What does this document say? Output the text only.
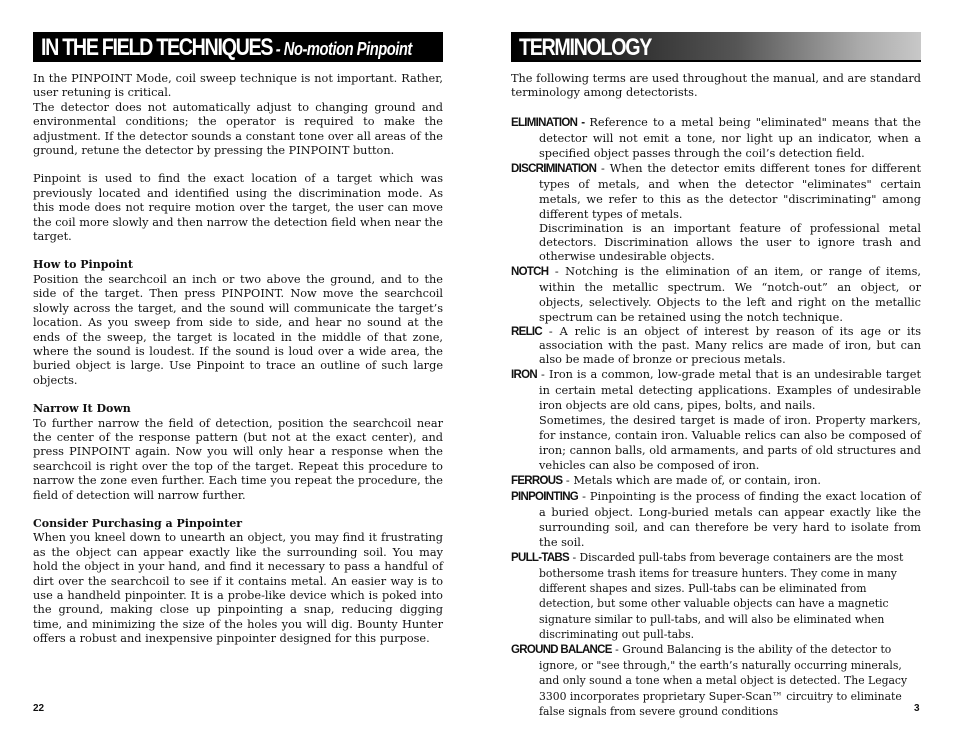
IN THE FIELD TECHNIQUES - No-motion Pinpoint

In the PINPOINT Mode, coil sweep technique is not important. Rather, user retuning is critical.

The detector does not automatically adjust to changing ground and environmental conditions; the operator is required to make the adjustment. If the detector sounds a constant tone over all areas of the ground, retune the detector by pressing the PINPOINT button.

Pinpoint is used to find the exact location of a target which was previously located and identified using the discrimination mode. As this mode does not require motion over the target, the user can move the coil more slowly and then narrow the detection field when near the target.

How to Pinpoint

Position the searchcoil an inch or two above the ground, and to the side of the target. Then press PINPOINT. Now move the searchcoil slowly across the target, and the sound will communicate the target’s location. As you sweep from side to side, and hear no sound at the ends of the sweep, the target is located in the middle of that zone, where the sound is loudest. If the sound is loud over a wide area, the buried object is large. Use Pinpoint to trace an outline of such large objects.

Narrow It Down

To further narrow the field of detection, position the searchcoil near the center of the response pattern (but not at the exact center), and press PINPOINT again. Now you will only hear a response when the searchcoil is right over the top of the target. Repeat this procedure to narrow the zone even further. Each time you repeat the procedure, the field of detection will narrow further.

Consider Purchasing a Pinpointer

When you kneel down to unearth an object, you may find it frustrating as the object can appear exactly like the surrounding soil. You may hold the object in your hand, and find it necessary to pass a handful of dirt over the searchcoil to see if it contains metal. An easier way is to use a handheld pinpointer. It is a probe-like device which is poked into the ground, making close up pinpointing a snap, reducing digging time, and minimizing the size of the holes you will dig. Bounty Hunter offers a robust and inexpensive pinpointer designed for this purpose.

22
TERMINOLOGY

The following terms are used throughout the manual, and are standard terminology among detectorists.

ELIMINATION - Reference to a metal being "eliminated" means that the detector will not emit a tone, nor light up an indicator, when a specified object passes through the coil’s detection field.

DISCRIMINATION - When the detector emits different tones for different types of metals, and when the detector "eliminates" certain metals, we refer to this as the detector "discriminating" among different types of metals.

Discrimination is an important feature of professional metal detectors. Discrimination allows the user to ignore trash and otherwise undesirable objects.

NOTCH - Notching is the elimination of an item, or range of items, within the metallic spectrum. We “notch-out” an object, or objects, selectively. Objects to the left and right on the metallic spectrum can be retained using the notch technique.

RELIC - A relic is an object of interest by reason of its age or its association with the past. Many relics are made of iron, but can also be made of bronze or precious metals.

IRON - Iron is a common, low-grade metal that is an undesirable target in certain metal detecting applications. Examples of undesirable iron objects are old cans, pipes, bolts, and nails.

Sometimes, the desired target is made of iron. Property markers, for instance, contain iron. Valuable relics can also be composed of iron; cannon balls, old armaments, and parts of old structures and vehicles can also be composed of iron.

FERROUS - Metals which are made of, or contain, iron.

PINPOINTING - Pinpointing is the process of finding the exact location of a buried object. Long-buried metals can appear exactly like the surrounding soil, and can therefore be very hard to isolate from the soil.

PULL-TABS - Discarded pull-tabs from beverage containers are the most bothersome trash items for treasure hunters. They come in many different shapes and sizes. Pull-tabs can be eliminated from detection, but some other valuable objects can have a magnetic signature similar to pull-tabs, and will also be eliminated when discriminating out pull-tabs.

GROUND BALANCE - Ground Balancing is the ability of the detector to ignore, or "see through," the earth’s naturally occurring minerals, and only sound a tone when a metal object is detected. The Legacy 3300 incorporates proprietary Super-Scan™ circuitry to eliminate false signals from severe ground conditions	3
